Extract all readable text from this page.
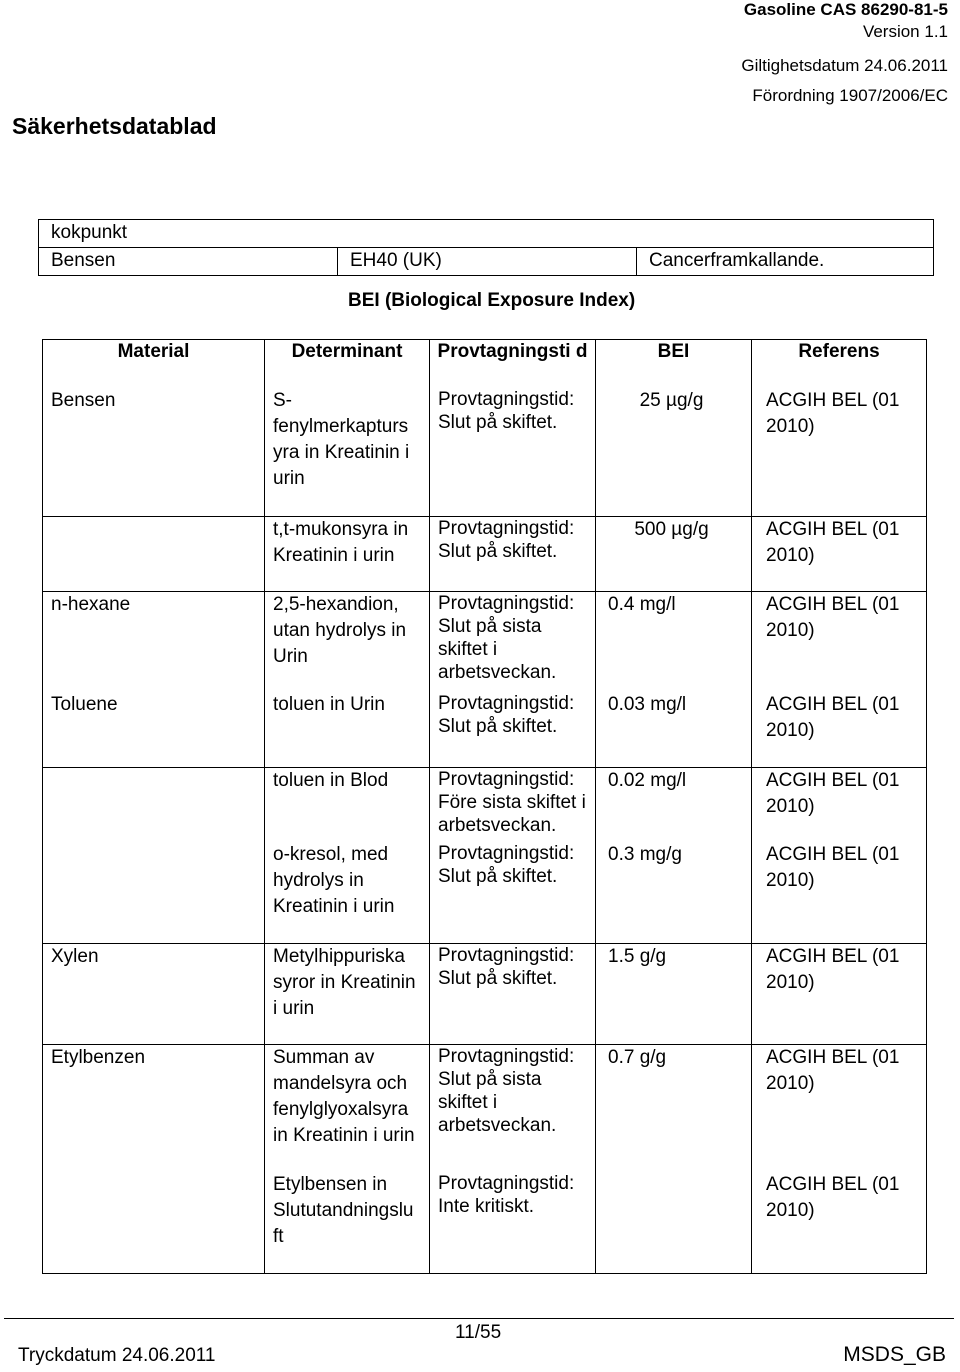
Gasoline CAS 86290-81-5
Version 1.1
Giltighetsdatum 24.06.2011
Förordning 1907/2006/EC
Säkerhetsdatablad
kokpunkt
Bensen	EH40 (UK)	Cancerframkallande.
BEI (Biological Exposure Index)
Material	Determinant	Provtagningsti d	BEI	Referens
Bensen	S- fenylmerkapturs yra in Kreatinin i urin	Provtagningstid: Slut på skiftet.	25 µg/g	ACGIH BEL (01 2010)
	t,t-mukonsyra in Kreatinin i urin	Provtagningstid: Slut på skiftet.	500 µg/g	ACGIH BEL (01 2010)
n-hexane	2,5-hexandion, utan hydrolys in Urin	Provtagningstid: Slut på sista skiftet i arbetsveckan.	0.4 mg/l	ACGIH BEL (01 2010)
Toluene	toluen in Urin	Provtagningstid: Slut på skiftet.	0.03 mg/l	ACGIH BEL (01 2010)
	toluen in Blod	Provtagningstid: Före sista skiftet i arbetsveckan.	0.02 mg/l	ACGIH BEL (01 2010)
	o-kresol, med hydrolys in Kreatinin i urin	Provtagningstid: Slut på skiftet.	0.3 mg/g	ACGIH BEL (01 2010)
Xylen	Metylhippuriska syror in Kreatinin i urin	Provtagningstid: Slut på skiftet.	1.5 g/g	ACGIH BEL (01 2010)
Etylbenzen	Summan av mandelsyra och fenylglyoxalsyra in Kreatinin i urin	Provtagningstid: Slut på sista skiftet i arbetsveckan.	0.7 g/g	ACGIH BEL (01 2010)
	Etylbensen in Slututandningslu ft	Provtagningstid: Inte kritiskt.		ACGIH BEL (01 2010)
11/55
Tryckdatum 24.06.2011	MSDS_GB
